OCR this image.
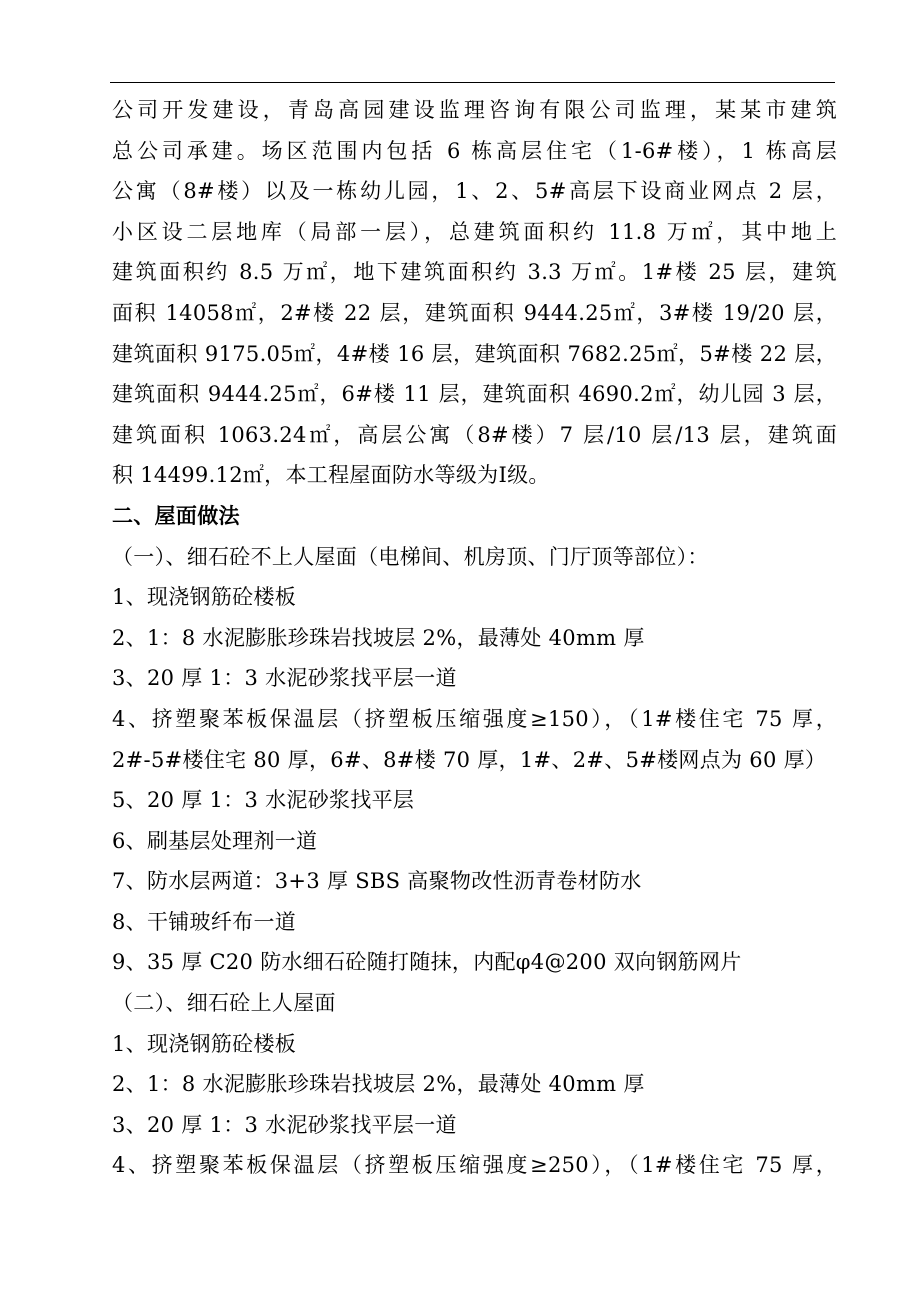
公司开发建设，青岛高园建设监理咨询有限公司监理，某某市建筑
总公司承建。场区范围内包括 6 栋高层住宅（1-6#楼），1 栋高层
公寓（8#楼）以及一栋幼儿园，1、2、5#高层下设商业网点 2 层，
小区设二层地库（局部一层），总建筑面积约 11.8 万㎡，其中地上
建筑面积约 8.5 万㎡，地下建筑面积约 3.3 万㎡。1#楼 25 层，建筑
面积 14058㎡，2#楼 22 层，建筑面积 9444.25㎡，3#楼 19/20 层，
建筑面积 9175.05㎡，4#楼 16 层，建筑面积 7682.25㎡，5#楼 22 层，
建筑面积 9444.25㎡，6#楼 11 层，建筑面积 4690.2㎡，幼儿园 3 层，
建筑面积 1063.24㎡，高层公寓（8#楼）7 层/10 层/13 层，建筑面
积 14499.12㎡，本工程屋面防水等级为Ⅰ级。
二、屋面做法
（一）、细石砼不上人屋面（电梯间、机房顶、门厅顶等部位）：
1、现浇钢筋砼楼板
2、1：8 水泥膨胀珍珠岩找坡层 2%，最薄处 40mm 厚
3、20 厚 1：3 水泥砂浆找平层一道
4、挤塑聚苯板保温层（挤塑板压缩强度≥150），（1#楼住宅 75 厚，
2#-5#楼住宅 80 厚，6#、8#楼 70 厚，1#、2#、5#楼网点为 60 厚）
5、20 厚 1：3 水泥砂浆找平层
6、刷基层处理剂一道
7、防水层两道：3+3 厚 SBS 高聚物改性沥青卷材防水
8、干铺玻纤布一道
9、35 厚 C20 防水细石砼随打随抹，内配φ4@200 双向钢筋网片
（二）、细石砼上人屋面
1、现浇钢筋砼楼板
2、1：8 水泥膨胀珍珠岩找坡层 2%，最薄处 40mm 厚
3、20 厚 1：3 水泥砂浆找平层一道
4、挤塑聚苯板保温层（挤塑板压缩强度≥250），（1#楼住宅 75 厚，
